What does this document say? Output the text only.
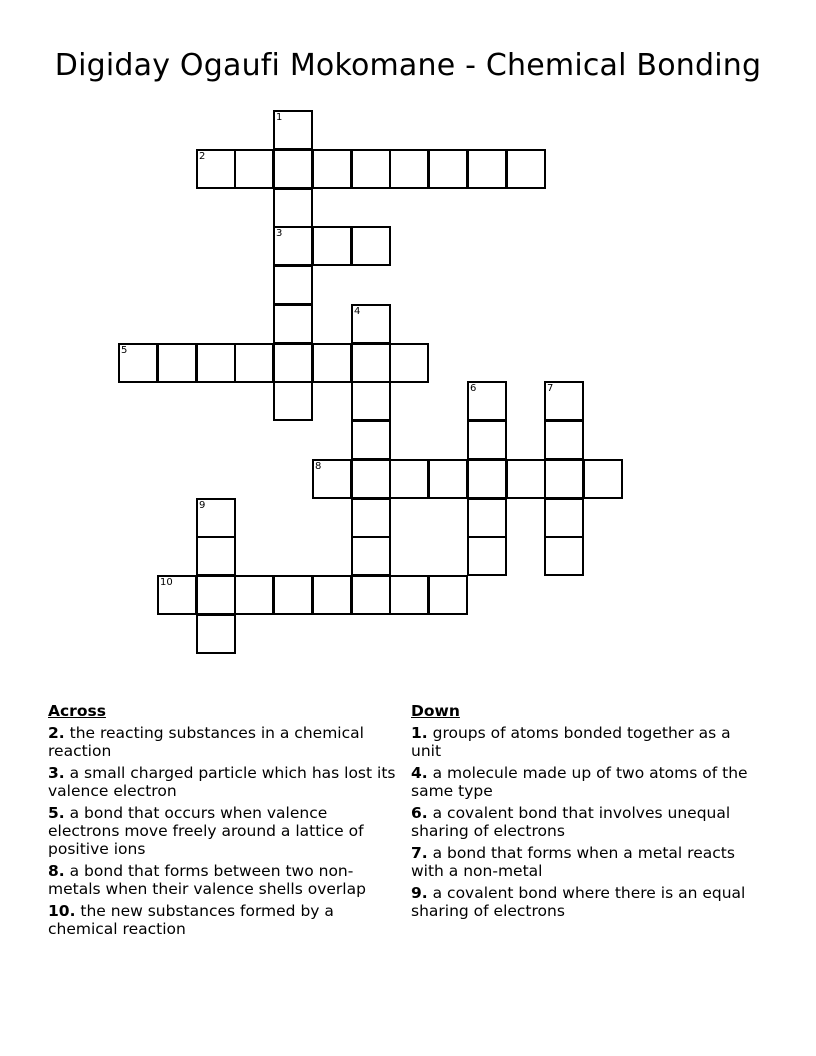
Digiday Ogaufi Mokomane - Chemical Bonding
1
3
2
4
5
6	7
8
9
10
Across
2. the reacting substances in a chemical reaction
3. a small charged particle which has lost its valence electron
5. a bond that occurs when valence electrons move freely around a lattice of positive ions
8. a bond that forms between two non-metals when their valence shells overlap
10. the new substances formed by a chemical reaction
Down
1. groups of atoms bonded together as a unit
4. a molecule made up of two atoms of the same type
6. a covalent bond that involves unequal sharing of electrons
7. a bond that forms when a metal reacts with a non-metal
9. a covalent bond where there is an equal sharing of electrons
